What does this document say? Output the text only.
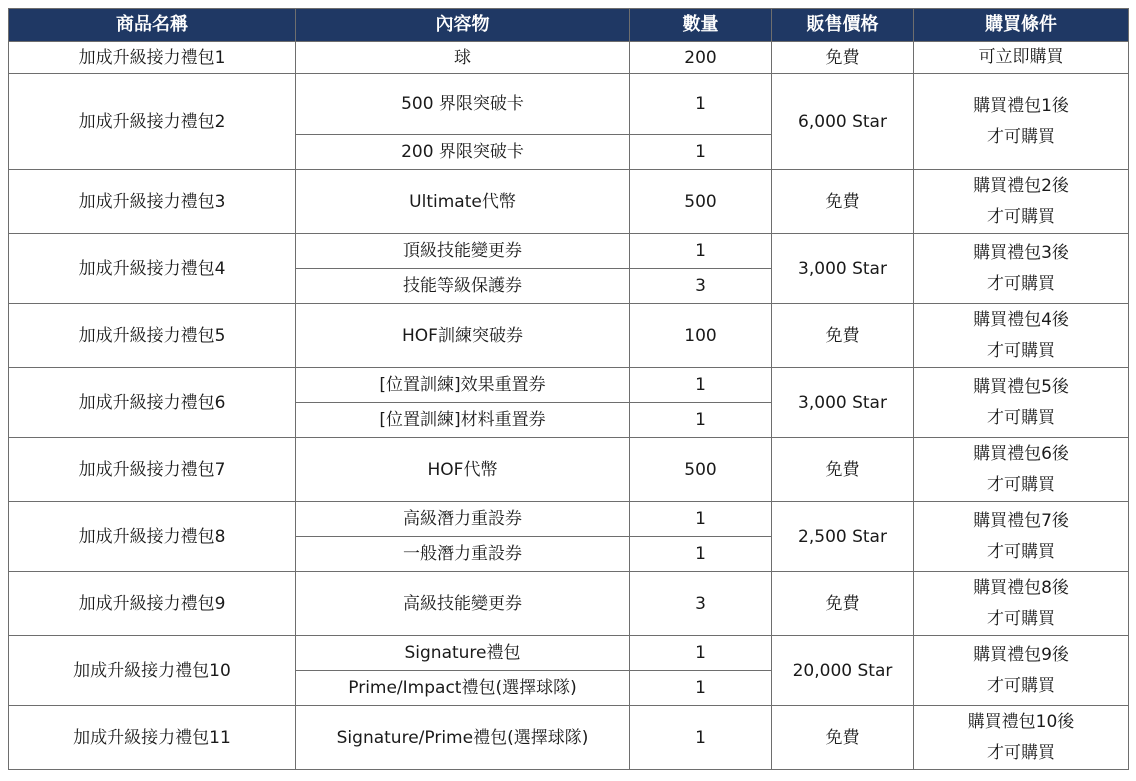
商品名稱	內容物	數量	販售價格	購買條件
加成升級接力禮包1	球	200	免費	可立即購買

加成升級接力禮包2	500 界限突破卡	1	6,000 Star	購買禮包1後
才可購買

	200 界限突破卡	1		
加成升級接力禮包3	Ultimate代幣	500	免費	購買禮包2後
才可購買

加成升級接力禮包4	頂級技能變更券	1	3,000 Star	購買禮包3後
才可購買

	技能等級保護券	3		
加成升級接力禮包5	HOF訓練突破券	100	免費	購買禮包4後
才可購買

加成升級接力禮包6	[位置訓練]效果重置券	1	3,000 Star	購買禮包5後
才可購買

	[位置訓練]材料重置券	1		
加成升級接力禮包7	HOF代幣	500	免費	購買禮包6後
才可購買

加成升級接力禮包8	高級潛力重設券	1	2,500 Star	購買禮包7後
才可購買

	一般潛力重設券	1		
加成升級接力禮包9	高級技能變更券	3	免費	購買禮包8後
才可購買

加成升級接力禮包10	Signature禮包	1	20,000 Star	購買禮包9後
才可購買

	Prime/Impact禮包(選擇球隊)	1		
加成升級接力禮包11	Signature/Prime禮包(選擇球隊)	1	免費	購買禮包10後
才可購買
